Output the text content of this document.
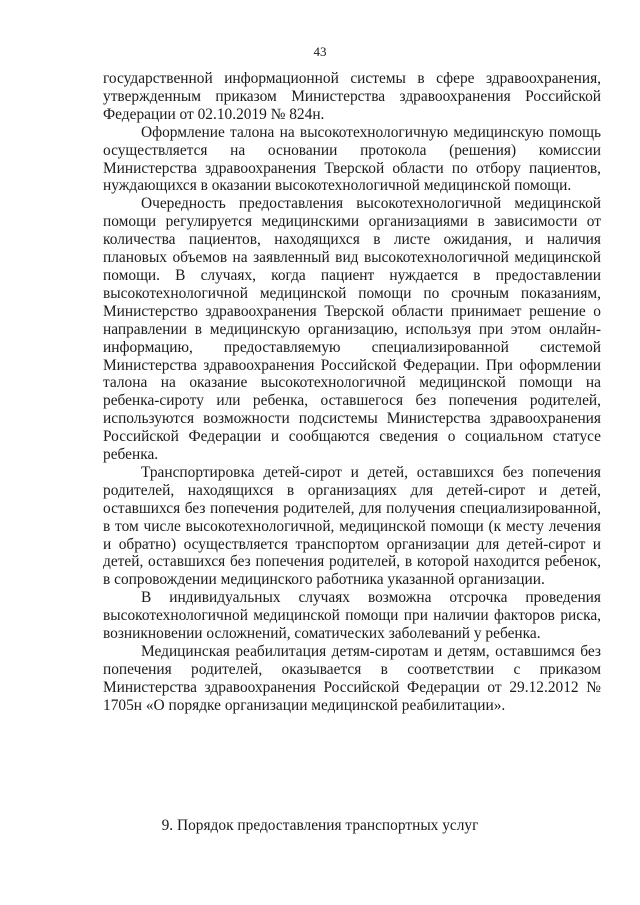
43

государственной информационной системы в сфере здравоохранения, утвержденным приказом Министерства здравоохранения Российской Федерации от 02.10.2019 № 824н.

Оформление талона на высокотехнологичную медицинскую помощь осуществляется на основании протокола (решения) комиссии Министерства здравоохранения Тверской области по отбору пациентов, нуждающихся в оказании высокотехнологичной медицинской помощи.

Очередность предоставления высокотехнологичной медицинской помощи регулируется медицинскими организациями в зависимости от количества пациентов, находящихся в листе ожидания, и наличия плановых объемов на заявленный вид высокотехнологичной медицинской помощи. В случаях, когда пациент нуждается в предоставлении высокотехнологичной медицинской помощи по срочным показаниям, Министерство здравоохранения Тверской области принимает решение о направлении в медицинскую организацию, используя при этом онлайн-информацию, предоставляемую специализированной системой Министерства здравоохранения Российской Федерации. При оформлении талона на оказание высокотехнологичной медицинской помощи на ребенка-сироту или ребенка, оставшегося без попечения родителей, используются возможности подсистемы Министерства здравоохранения Российской Федерации и сообщаются сведения о социальном статусе ребенка.

Транспортировка детей-сирот и детей, оставшихся без попечения родителей, находящихся в организациях для детей-сирот и детей, оставшихся без попечения родителей, для получения специализированной, в том числе высокотехнологичной, медицинской помощи (к месту лечения и обратно) осуществляется транспортом организации для детей-сирот и детей, оставшихся без попечения родителей, в которой находится ребенок, в сопровождении медицинского работника указанной организации.

В индивидуальных случаях возможна отсрочка проведения высокотехнологичной медицинской помощи при наличии факторов риска, возникновении осложнений, соматических заболеваний у ребенка.

Медицинская реабилитация детям-сиротам и детям, оставшимся без попечения родителей, оказывается в соответствии с приказом Министерства здравоохранения Российской Федерации от 29.12.2012 № 1705н «О порядке организации медицинской реабилитации».

9. Порядок предоставления транспортных услуг
